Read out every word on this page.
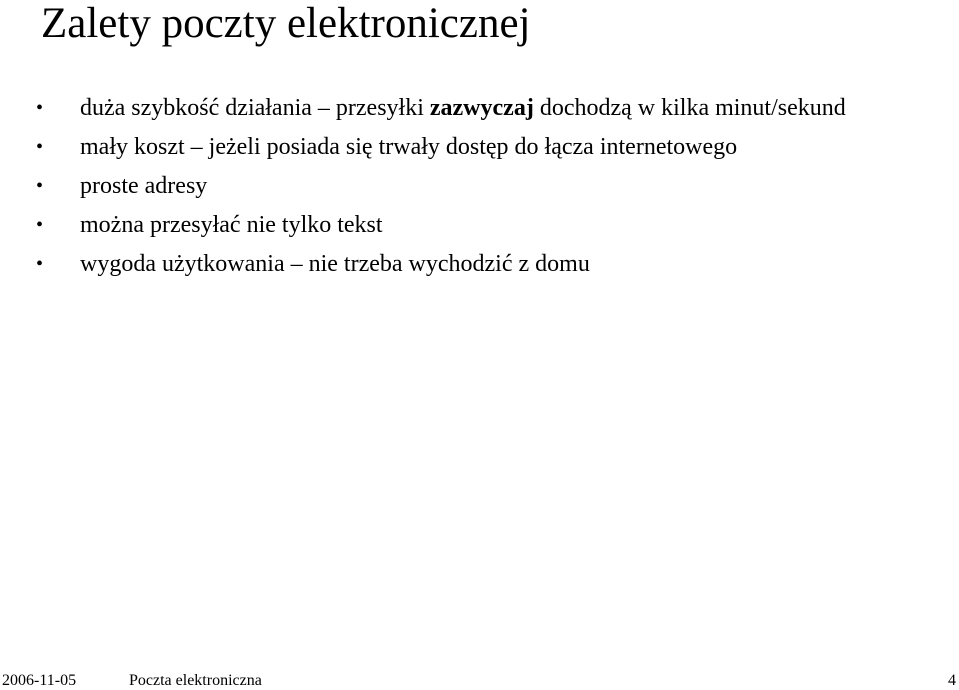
Zalety poczty elektronicznej
• duża szybkość działania – przesyłki zazwyczaj dochodzą w kilka minut/sekund
• mały koszt – jeżeli posiada się trwały dostęp do łącza internetowego
• proste adresy
• można przesyłać nie tylko tekst
• wygoda użytkowania – nie trzeba wychodzić z domu
2006-11-05	Poczta elektroniczna	4
